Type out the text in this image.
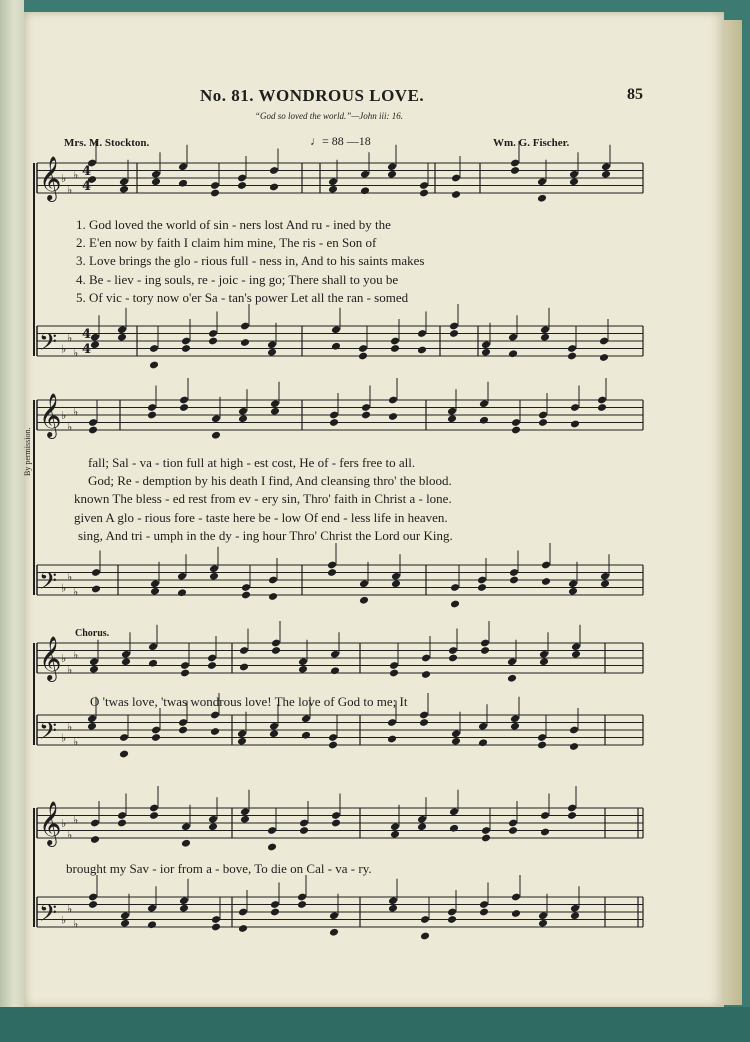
No. 81. WONDROUS LOVE.	85
“God so loved the world.”—John iii: 16.
Mrs. M. Stockton.	Wm. G. Fischer.
♩= 88 —18
By permission.
Chorus.
1. God loved the world of sin - ners lost And ru - ined by the
2. E'en now by faith I claim him mine, The ris - en Son of
3. Love brings the glo - rious full - ness in, And to his saints makes
4. Be - liev - ing souls, re - joic - ing go; There shall to you be
5. Of vic - tory now o'er Sa - tan's power Let all the ran - somed
fall; Sal - va - tion full at high - est cost, He of - fers free to all.
God; Re - demption by his death I find, And cleansing thro' the blood.
known The bless - ed rest from ev - ery sin, Thro' faith in Christ a - lone.
given A glo - rious fore - taste here be - low Of end - less life in heaven.
sing, And tri - umph in the dy - ing hour Thro' Christ the Lord our King.
O 'twas love, 'twas wondrous love! The love of God to me; It
brought my Sav - ior from a - bove, To die on Cal - va - ry.
𝄞 ♭
♭
♭
𝄢 ♭
♭
♭
𝄞 ♭
♭
♭
𝄢 ♭
♭
♭
𝄞 ♭
♭
♭
𝄢 ♭
♭
♭
𝄞 ♭
♭
♭
𝄢 ♭
♭
♭
4
4
4
4
